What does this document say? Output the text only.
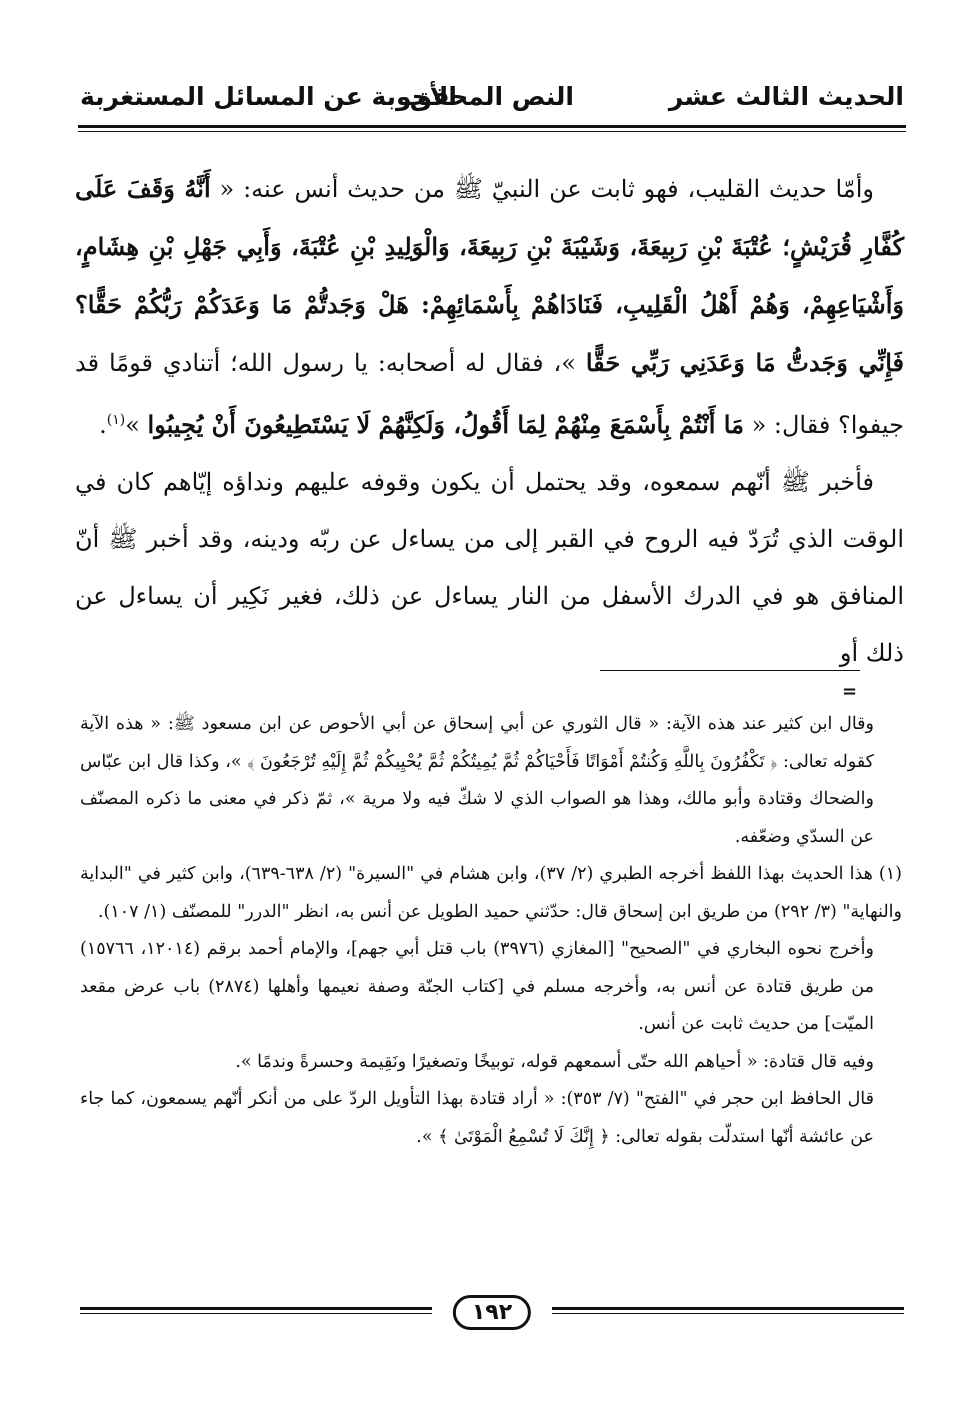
الحديث الثالث عشر
النص المحقق
الأجوبة عن المسائل المستغربة

وأمّا حديث القليب، فهو ثابت عن النبيّ ﷺ من حديث أنس عنه: « أَنَّهُ وَقَفَ عَلَى كُفَّارِ قُرَيْشٍ؛ عُتْبَةَ بْنِ رَبِيعَةَ، وَشَيْبَةَ بْنِ رَبِيعَةَ، وَالْوَلِيدِ بْنِ عُتْبَةَ، وَأَبِي جَهْلِ بْنِ هِشَامٍ، وَأَشْيَاعِهِمْ، وَهُمْ أَهْلُ الْقَلِيبِ، فَنَادَاهُمْ بِأَسْمَائِهِمْ: هَلْ وَجَدتُّمْ مَا وَعَدَكُمْ رَبُّكُمْ حَقًّا؟ فَإِنِّي وَجَدتُّ مَا وَعَدَنِي رَبِّي حَقًّا »، فقال له أصحابه: يا رسول الله؛ أتنادي قومًا قد جيفوا؟ فقال: « مَا أَنْتُمْ بِأَسْمَعَ مِنْهُمْ لِمَا أَقُولُ، وَلَكِنَّهُمْ لَا يَسْتَطِيعُونَ أَنْ يُجِيبُوا »$^{(١)}$.

فأخبر ﷺ أنّهم سمعوه، وقد يحتمل أن يكون وقوفه عليهم ونداؤه إيّاهم كان في الوقت الذي تُرَدّ فيه الروح في القبر إلى من يساءل عن ربّه ودينه، وقد أخبر ﷺ أنّ المنافق هو في الدرك الأسفل من النار يساءل عن ذلك، فغير نَكِير أن يساءل عن ذلك أو

=

وقال ابن كثير عند هذه الآية: « قال الثوري عن أبي إسحاق عن أبي الأحوص عن ابن مسعود ﷺ: « هذه الآية كقوله تعالى: ﴿ تَكْفُرُونَ بِاللَّهِ وَكُنتُمْ أَمْوَاتًا فَأَحْيَاكُمْ ثُمَّ يُمِيتُكُمْ ثُمَّ يُحْيِيكُمْ ثُمَّ إِلَيْهِ تُرْجَعُونَ ﴾ »، وكذا قال ابن عبّاس والضحاك وقتادة وأبو مالك، وهذا هو الصواب الذي لا شكّ فيه ولا مرية »، ثمّ ذكر في معنى ما ذكره المصنّف عن السدّي وضعّفه.

(١) هذا الحديث بهذا اللفظ أخرجه الطبري (٢/ ٣٧)، وابن هشام في "السيرة" (٢/ ٦٣٨-٦٣٩)، وابن كثير في "البداية والنهاية" (٣/ ٢٩٢) من طريق ابن إسحاق قال: حدّثني حميد الطويل عن أنس به، انظر "الدرر" للمصنّف (١/ ١٠٧).

وأخرج نحوه البخاري في "الصحيح" [المغازي (٣٩٧٦) باب قتل أبي جهم]، والإمام أحمد برقم (١٢٠١٤، ١٥٧٦٦) من طريق قتادة عن أنس به، وأخرجه مسلم في [كتاب الجنّة وصفة نعيمها وأهلها (٢٨٧٤) باب عرض مقعد الميّت] من حديث ثابت عن أنس.

وفيه قال قتادة: « أحياهم الله حتّى أسمعهم قوله، توبيخًا وتصغيرًا ونَقِيمة وحسرةً وندمًا ».

قال الحافظ ابن حجر في "الفتح" (٧/ ٣٥٣): « أراد قتادة بهذا التأويل الردّ على من أنكر أنّهم يسمعون، كما جاء عن عائشة أنّها استدلّت بقوله تعالى: ﴿ إِنَّكَ لَا تُسْمِعُ الْمَوْتَىٰ ﴾ ».

١٩٢
